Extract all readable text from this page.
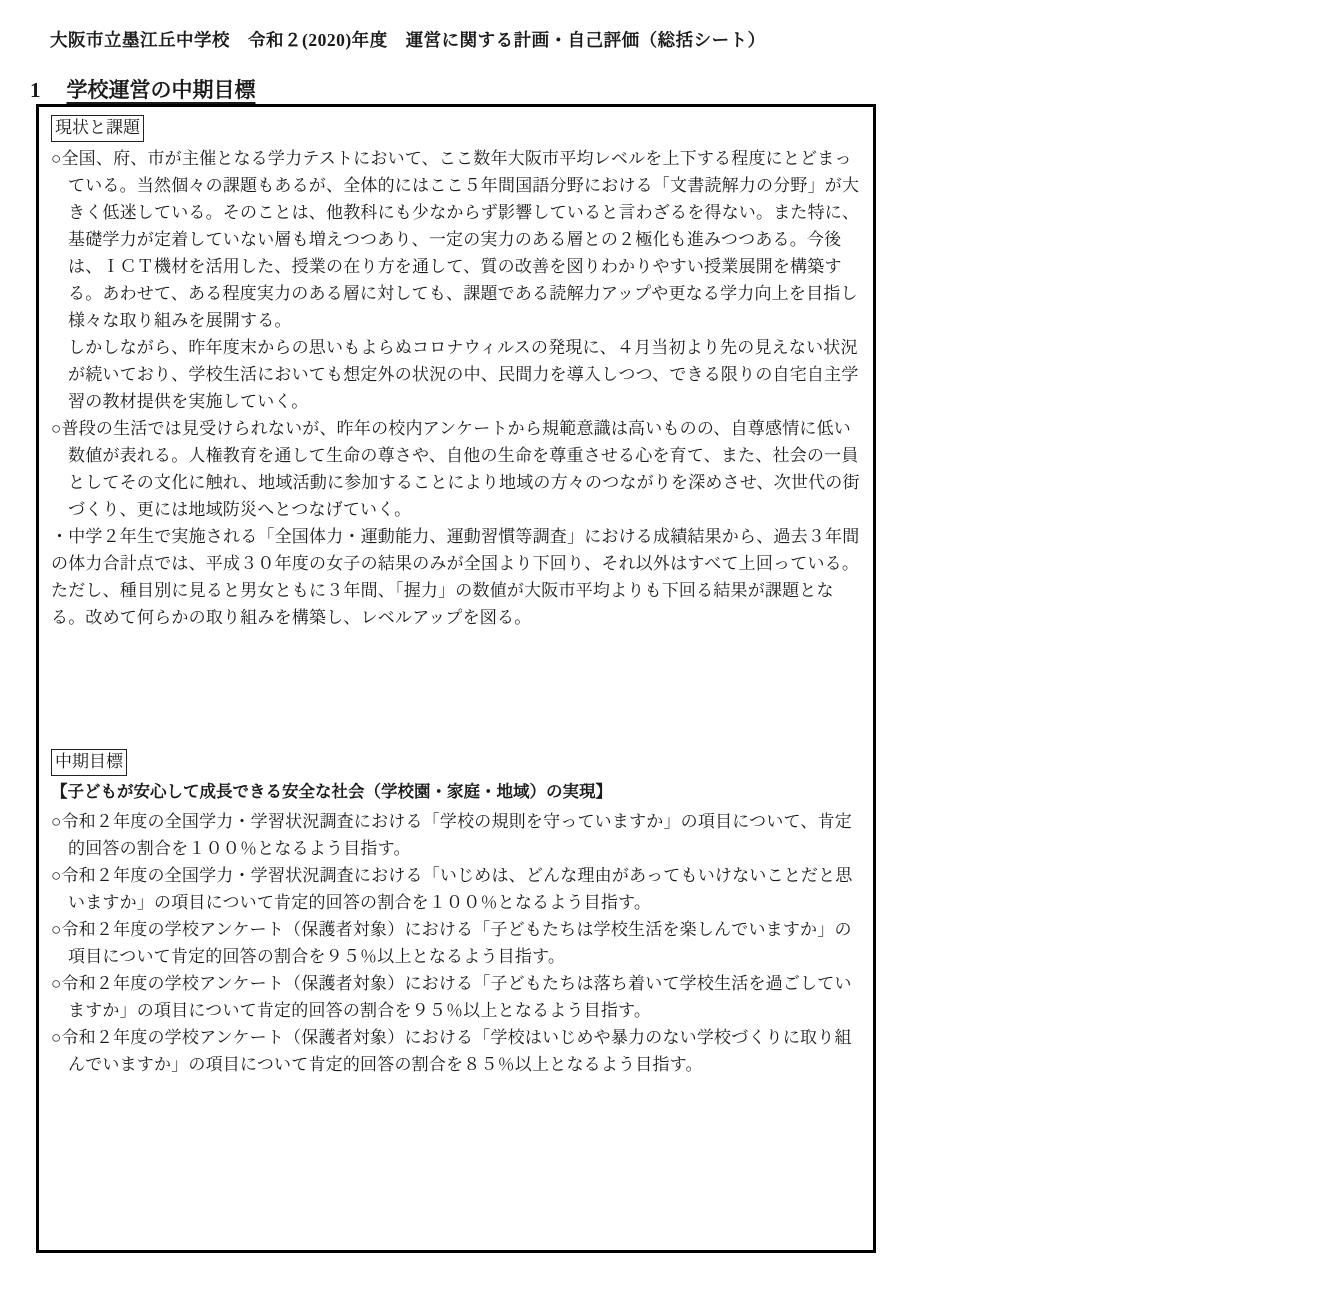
大阪市立墨江丘中学校　令和２(2020)年度　運営に関する計画・自己評価（総括シート）
1 学校運営の中期目標
現状と課題
○全国、府、市が主催となる学力テストにおいて、ここ数年大阪市平均レベルを上下する程度にとどまっている。当然個々の課題もあるが、全体的にはここ５年間国語分野における「文書読解力の分野」が大きく低迷している。そのことは、他教科にも少なからず影響していると言わざるを得ない。また特に、基礎学力が定着していない層も増えつつあり、一定の実力のある層との２極化も進みつつある。今後は、ＩＣＴ機材を活用した、授業の在り方を通して、質の改善を図りわかりやすい授業展開を構築する。あわせて、ある程度実力のある層に対しても、課題である読解力アップや更なる学力向上を目指し様々な取り組みを展開する。
しかしながら、昨年度末からの思いもよらぬコロナウィルスの発現に、４月当初より先の見えない状況が続いており、学校生活においても想定外の状況の中、民間力を導入しつつ、できる限りの自宅自主学習の教材提供を実施していく。
○普段の生活では見受けられないが、昨年の校内アンケートから規範意識は高いものの、自尊感情に低い数値が表れる。人権教育を通して生命の尊さや、自他の生命を尊重させる心を育て、また、社会の一員としてその文化に触れ、地域活動に参加することにより地域の方々のつながりを深めさせ、次世代の街づくり、更には地域防災へとつなげていく。
・中学２年生で実施される「全国体力・運動能力、運動習慣等調査」における成績結果から、過去３年間の体力合計点では、平成３０年度の女子の結果のみが全国より下回り、それ以外はすべて上回っている。ただし、種目別に見ると男女ともに３年間、「握力」の数値が大阪市平均よりも下回る結果が課題となる。改めて何らかの取り組みを構築し、レベルアップを図る。
中期目標
【子どもが安心して成長できる安全な社会（学校園・家庭・地域）の実現】
○令和２年度の全国学力・学習状況調査における「学校の規則を守っていますか」の項目について、肯定的回答の割合を１００％となるよう目指す。
○令和２年度の全国学力・学習状況調査における「いじめは、どんな理由があってもいけないことだと思いますか」の項目について肯定的回答の割合を１００％となるよう目指す。
○令和２年度の学校アンケート（保護者対象）における「子どもたちは学校生活を楽しんでいますか」の項目について肯定的回答の割合を９５％以上となるよう目指す。
○令和２年度の学校アンケート（保護者対象）における「子どもたちは落ち着いて学校生活を過ごしていますか」の項目について肯定的回答の割合を９５％以上となるよう目指す。
○令和２年度の学校アンケート（保護者対象）における「学校はいじめや暴力のない学校づくりに取り組んでいますか」の項目について肯定的回答の割合を８５％以上となるよう目指す。
